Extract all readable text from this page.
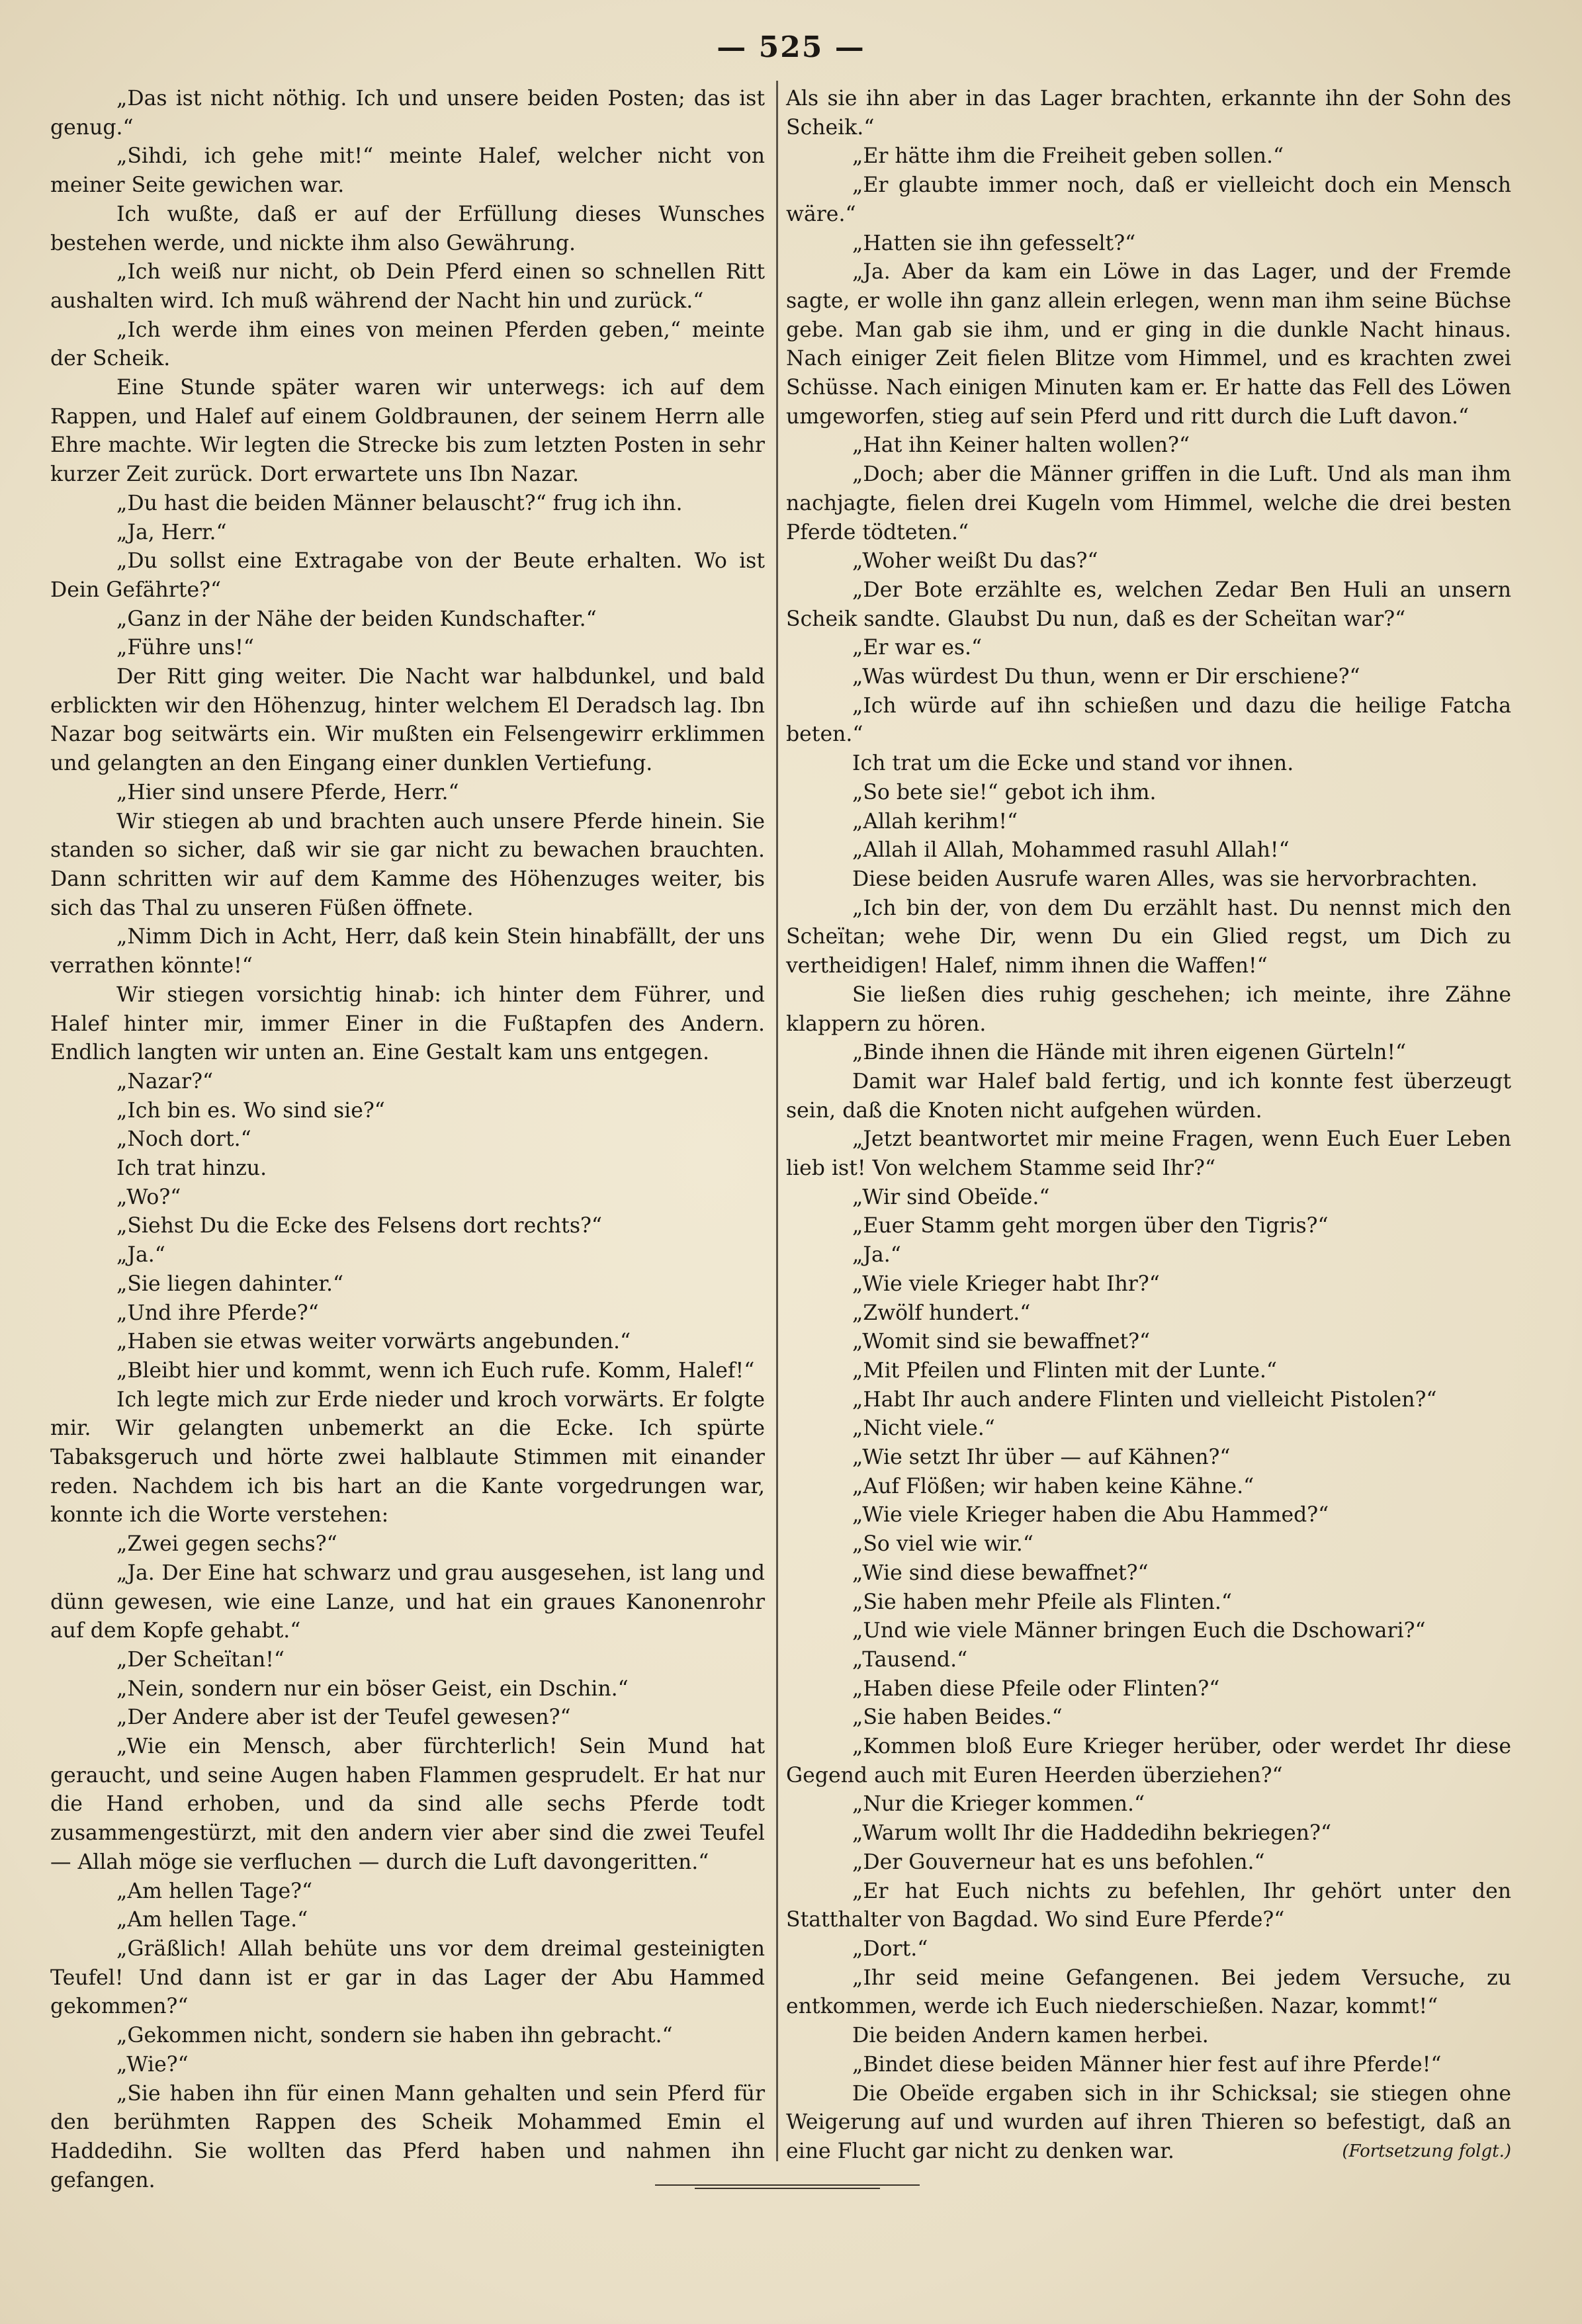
— 525 —

„Das ist nicht nöthig. Ich und unsere beiden Posten; das ist genug.“

„Sihdi, ich gehe mit!“ meinte Halef, welcher nicht von meiner Seite gewichen war.

Ich wußte, daß er auf der Erfüllung dieses Wunsches bestehen werde, und nickte ihm also Gewährung.

„Ich weiß nur nicht, ob Dein Pferd einen so schnellen Ritt aushalten wird. Ich muß während der Nacht hin und zurück.“

„Ich werde ihm eines von meinen Pferden geben,“ meinte der Scheik.

Eine Stunde später waren wir unterwegs: ich auf dem Rappen, und Halef auf einem Goldbraunen, der seinem Herrn alle Ehre machte. Wir legten die Strecke bis zum letzten Posten in sehr kurzer Zeit zurück. Dort erwartete uns Ibn Nazar.

„Du hast die beiden Männer belauscht?“ frug ich ihn.

„Ja, Herr.“

„Du sollst eine Extragabe von der Beute erhalten. Wo ist Dein Gefährte?“

„Ganz in der Nähe der beiden Kundschafter.“

„Führe uns!“

Der Ritt ging weiter. Die Nacht war halbdunkel, und bald erblickten wir den Höhenzug, hinter welchem El Deradsch lag. Ibn Nazar bog seitwärts ein. Wir mußten ein Felsengewirr erklimmen und gelangten an den Eingang einer dunklen Vertiefung.

„Hier sind unsere Pferde, Herr.“

Wir stiegen ab und brachten auch unsere Pferde hinein. Sie standen so sicher, daß wir sie gar nicht zu bewachen brauchten. Dann schritten wir auf dem Kamme des Höhenzuges weiter, bis sich das Thal zu unseren Füßen öffnete.

„Nimm Dich in Acht, Herr, daß kein Stein hinabfällt, der uns verrathen könnte!“

Wir stiegen vorsichtig hinab: ich hinter dem Führer, und Halef hinter mir, immer Einer in die Fußtapfen des Andern. Endlich langten wir unten an. Eine Gestalt kam uns entgegen.

„Nazar?“

„Ich bin es. Wo sind sie?“

„Noch dort.“

Ich trat hinzu.

„Wo?“

„Siehst Du die Ecke des Felsens dort rechts?“

„Ja.“

„Sie liegen dahinter.“

„Und ihre Pferde?“

„Haben sie etwas weiter vorwärts angebunden.“

„Bleibt hier und kommt, wenn ich Euch rufe. Komm, Halef!“

Ich legte mich zur Erde nieder und kroch vorwärts. Er folgte mir. Wir gelangten unbemerkt an die Ecke. Ich spürte Tabaksgeruch und hörte zwei halblaute Stimmen mit einander reden. Nachdem ich bis hart an die Kante vorgedrungen war, konnte ich die Worte verstehen:

„Zwei gegen sechs?“

„Ja. Der Eine hat schwarz und grau ausgesehen, ist lang und dünn gewesen, wie eine Lanze, und hat ein graues Kanonenrohr auf dem Kopfe gehabt.“

„Der Scheïtan!“

„Nein, sondern nur ein böser Geist, ein Dschin.“

„Der Andere aber ist der Teufel gewesen?“

„Wie ein Mensch, aber fürchterlich! Sein Mund hat geraucht, und seine Augen haben Flammen gesprudelt. Er hat nur die Hand erhoben, und da sind alle sechs Pferde todt zusammengestürzt, mit den andern vier aber sind die zwei Teufel — Allah möge sie verfluchen — durch die Luft davongeritten.“

„Am hellen Tage?“

„Am hellen Tage.“

„Gräßlich! Allah behüte uns vor dem dreimal gesteinigten Teufel! Und dann ist er gar in das Lager der Abu Hammed gekommen?“

„Gekommen nicht, sondern sie haben ihn gebracht.“

„Wie?“

„Sie haben ihn für einen Mann gehalten und sein Pferd für den berühmten Rappen des Scheik Mohammed Emin el Haddedihn. Sie wollten das Pferd haben und nahmen ihn gefangen.

Als sie ihn aber in das Lager brachten, erkannte ihn der Sohn des Scheik.“

„Er hätte ihm die Freiheit geben sollen.“

„Er glaubte immer noch, daß er vielleicht doch ein Mensch wäre.“

„Hatten sie ihn gefesselt?“

„Ja. Aber da kam ein Löwe in das Lager, und der Fremde sagte, er wolle ihn ganz allein erlegen, wenn man ihm seine Büchse gebe. Man gab sie ihm, und er ging in die dunkle Nacht hinaus. Nach einiger Zeit fielen Blitze vom Himmel, und es krachten zwei Schüsse. Nach einigen Minuten kam er. Er hatte das Fell des Löwen umgeworfen, stieg auf sein Pferd und ritt durch die Luft davon.“

„Hat ihn Keiner halten wollen?“

„Doch; aber die Männer griffen in die Luft. Und als man ihm nachjagte, fielen drei Kugeln vom Himmel, welche die drei besten Pferde tödteten.“

„Woher weißt Du das?“

„Der Bote erzählte es, welchen Zedar Ben Huli an unsern Scheik sandte. Glaubst Du nun, daß es der Scheïtan war?“

„Er war es.“

„Was würdest Du thun, wenn er Dir erschiene?“

„Ich würde auf ihn schießen und dazu die heilige Fatcha beten.“

Ich trat um die Ecke und stand vor ihnen.

„So bete sie!“ gebot ich ihm.

„Allah kerihm!“

„Allah il Allah, Mohammed rasuhl Allah!“

Diese beiden Ausrufe waren Alles, was sie hervorbrachten.

„Ich bin der, von dem Du erzählt hast. Du nennst mich den Scheïtan; wehe Dir, wenn Du ein Glied regst, um Dich zu vertheidigen! Halef, nimm ihnen die Waffen!“

Sie ließen dies ruhig geschehen; ich meinte, ihre Zähne klappern zu hören.

„Binde ihnen die Hände mit ihren eigenen Gürteln!“

Damit war Halef bald fertig, und ich konnte fest überzeugt sein, daß die Knoten nicht aufgehen würden.

„Jetzt beantwortet mir meine Fragen, wenn Euch Euer Leben lieb ist! Von welchem Stamme seid Ihr?“

„Wir sind Obeïde.“

„Euer Stamm geht morgen über den Tigris?“

„Ja.“

„Wie viele Krieger habt Ihr?“

„Zwölf hundert.“

„Womit sind sie bewaffnet?“

„Mit Pfeilen und Flinten mit der Lunte.“

„Habt Ihr auch andere Flinten und vielleicht Pistolen?“

„Nicht viele.“

„Wie setzt Ihr über — auf Kähnen?“

„Auf Flößen; wir haben keine Kähne.“

„Wie viele Krieger haben die Abu Hammed?“

„So viel wie wir.“

„Wie sind diese bewaffnet?“

„Sie haben mehr Pfeile als Flinten.“

„Und wie viele Männer bringen Euch die Dschowari?“

„Tausend.“

„Haben diese Pfeile oder Flinten?“

„Sie haben Beides.“

„Kommen bloß Eure Krieger herüber, oder werdet Ihr diese Gegend auch mit Euren Heerden überziehen?“

„Nur die Krieger kommen.“

„Warum wollt Ihr die Haddedihn bekriegen?“

„Der Gouverneur hat es uns befohlen.“

„Er hat Euch nichts zu befehlen, Ihr gehört unter den Statthalter von Bagdad. Wo sind Eure Pferde?“

„Dort.“

„Ihr seid meine Gefangenen. Bei jedem Versuche, zu entkommen, werde ich Euch niederschießen. Nazar, kommt!“

Die beiden Andern kamen herbei.

„Bindet diese beiden Männer hier fest auf ihre Pferde!“

Die Obeïde ergaben sich in ihr Schicksal; sie stiegen ohne Weigerung auf und wurden auf ihren Thieren so befestigt, daß an eine Flucht gar nicht zu denken war.	(Fortsetzung folgt.)
